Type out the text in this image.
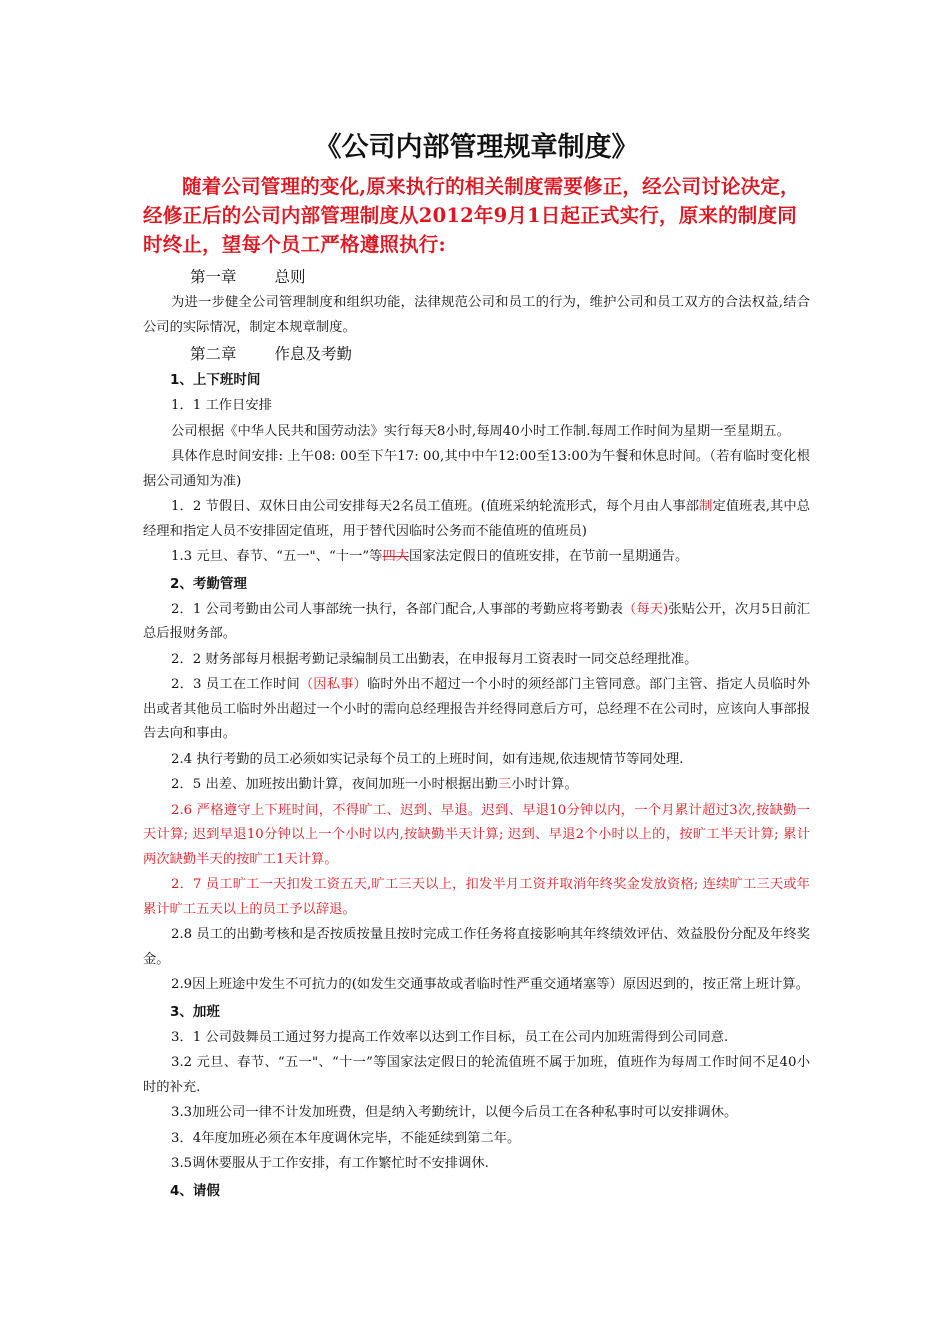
《公司内部管理规章制度》

随着公司管理的变化,原来执行的相关制度需要修正，经公司讨论决定，经修正后的公司内部管理制度从2012年9月1日起正式实行，原来的制度同时终止，望每个员工严格遵照执行:

第一章 总则

为进一步健全公司管理制度和组织功能，法律规范公司和员工的行为，维护公司和员工双方的合法权益,结合公司的实际情况，制定本规章制度。

第二章 作息及考勤
1、上下班时间

1．1 工作日安排

公司根据《中华人民共和国劳动法》实行每天8小时,每周40小时工作制.每周工作时间为星期一至星期五。

具体作息时间安排: 上午08: 00至下午17: 00,其中中午12:00至13:00为午餐和休息时间。（若有临时变化根据公司通知为准)

1．2 节假日、双休日由公司安排每天2名员工值班。(值班采纳轮流形式，每个月由人事部制定值班表,其中总经理和指定人员不安排固定值班，用于替代因临时公务而不能值班的值班员)

1.3 元旦、春节、“五一"、“十一”等四大国家法定假日的值班安排，在节前一星期通告。

2、考勤管理

2．1 公司考勤由公司人事部统一执行，各部门配合,人事部的考勤应将考勤表（每天)张贴公开，次月5日前汇总后报财务部。

2．2 财务部每月根据考勤记录编制员工出勤表，在申报每月工资表时一同交总经理批准。

2．3 员工在工作时间（因私事）临时外出不超过一个小时的须经部门主管同意。部门主管、指定人员临时外出或者其他员工临时外出超过一个小时的需向总经理报告并经得同意后方可，总经理不在公司时，应该向人事部报告去向和事由。

2.4 执行考勤的员工必须如实记录每个员工的上班时间，如有违规,依违规情节等同处理.

2．5 出差、加班按出勤计算，夜间加班一小时根据出勤三小时计算。

2.6 严格遵守上下班时间，不得旷工、迟到、早退。迟到、早退10分钟以内，一个月累计超过3次,按缺勤一天计算; 迟到早退10分钟以上一个小时以内,按缺勤半天计算; 迟到、早退2个小时以上的，按旷工半天计算; 累计两次缺勤半天的按旷工1天计算。

2．7 员工旷工一天扣发工资五天,旷工三天以上，扣发半月工资并取消年终奖金发放资格; 连续旷工三天或年累计旷工五天以上的员工予以辞退。

2.8 员工的出勤考核和是否按质按量且按时完成工作任务将直接影响其年终绩效评估、效益股份分配及年终奖金。

2.9因上班途中发生不可抗力的(如发生交通事故或者临时性严重交通堵塞等）原因迟到的，按正常上班计算。

3、加班

3．1 公司鼓舞员工通过努力提高工作效率以达到工作目标，员工在公司内加班需得到公司同意.

3.2 元旦、春节、“五一"、“十一”等国家法定假日的轮流值班不属于加班，值班作为每周工作时间不足40小时的补充.

3.3加班公司一律不计发加班费，但是纳入考勤统计，以便今后员工在各种私事时可以安排调休。

3．4年度加班必须在本年度调休完毕，不能延续到第二年。

3.5调休要服从于工作安排，有工作繁忙时不安排调休.

4、请假
